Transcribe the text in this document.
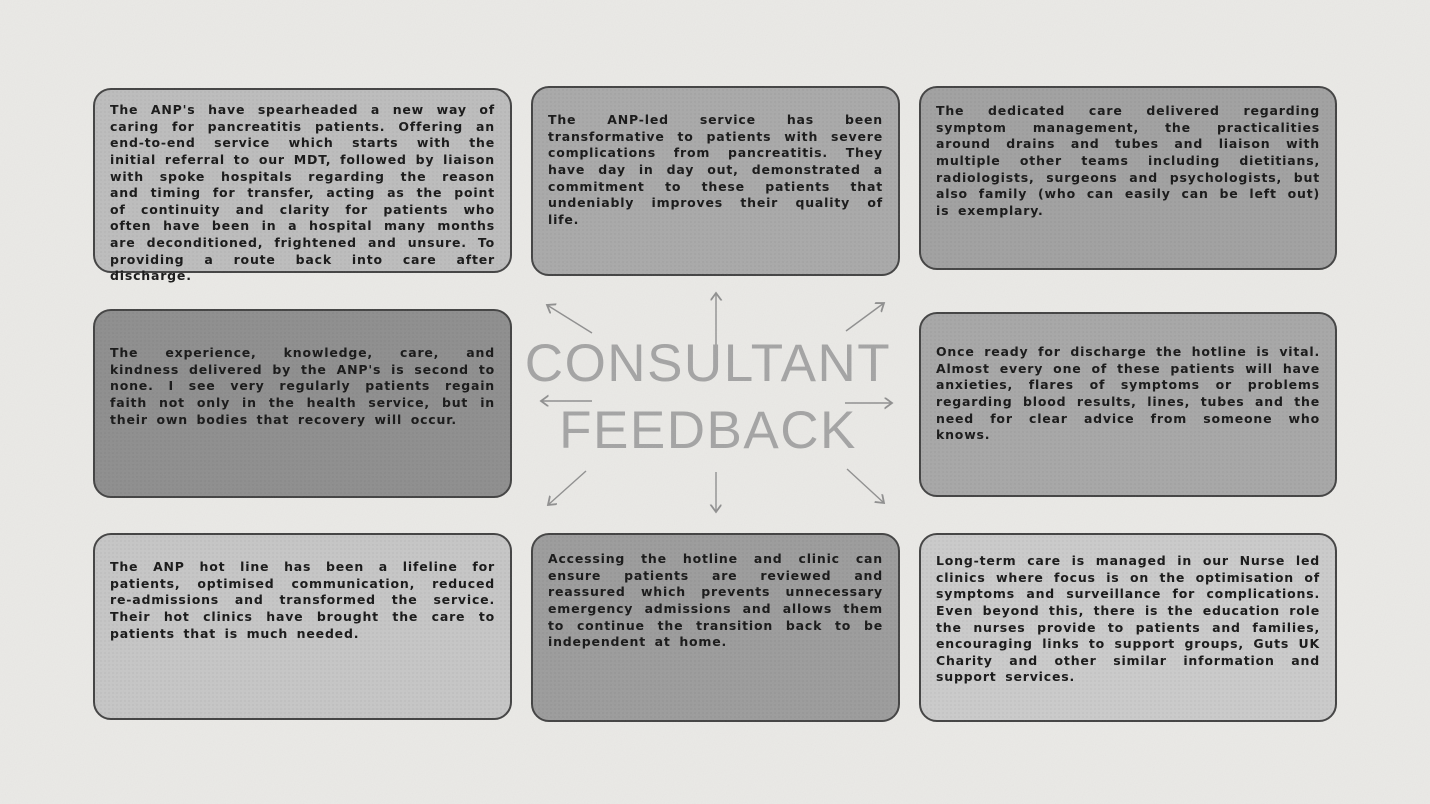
The ANP's have spearheaded a new way of caring for pancreatitis patients. Offering an end-to-end service which starts with the initial referral to our MDT, followed by liaison with spoke hospitals regarding the reason and timing for transfer, acting as the point of continuity and clarity for patients who often have been in a hospital many months are deconditioned, frightened and unsure. To providing a route back into care after discharge.

The ANP-led service has been transformative to patients with severe complications from pancreatitis. They have day in day out, demonstrated a commitment to these patients that undeniably improves their quality of life.

The dedicated care delivered regarding symptom management, the practicalities around drains and tubes and liaison with multiple other teams including dietitians, radiologists, surgeons and psychologists, but also family (who can easily can be left out) is exemplary.

The experience, knowledge, care, and kindness delivered by the ANP's is second to none. I see very regularly patients regain faith not only in the health service, but in their own bodies that recovery will occur.

Once ready for discharge the hotline is vital. Almost every one of these patients will have anxieties, flares of symptoms or problems regarding blood results, lines, tubes and the need for clear advice from someone who knows.

The ANP hot line has been a lifeline for patients, optimised communication, reduced re-admissions and transformed the service. Their hot clinics have brought the care to patients that is much needed.

Accessing the hotline and clinic can ensure patients are reviewed and reassured which prevents unnecessary emergency admissions and allows them to continue the transition back to be independent at home.

Long-term care is managed in our Nurse led clinics where focus is on the optimisation of symptoms and surveillance for complications. Even beyond this, there is the education role the nurses provide to patients and families, encouraging links to support groups, Guts UK Charity and other similar information and support services.

CONSULTANT
FEEDBACK
